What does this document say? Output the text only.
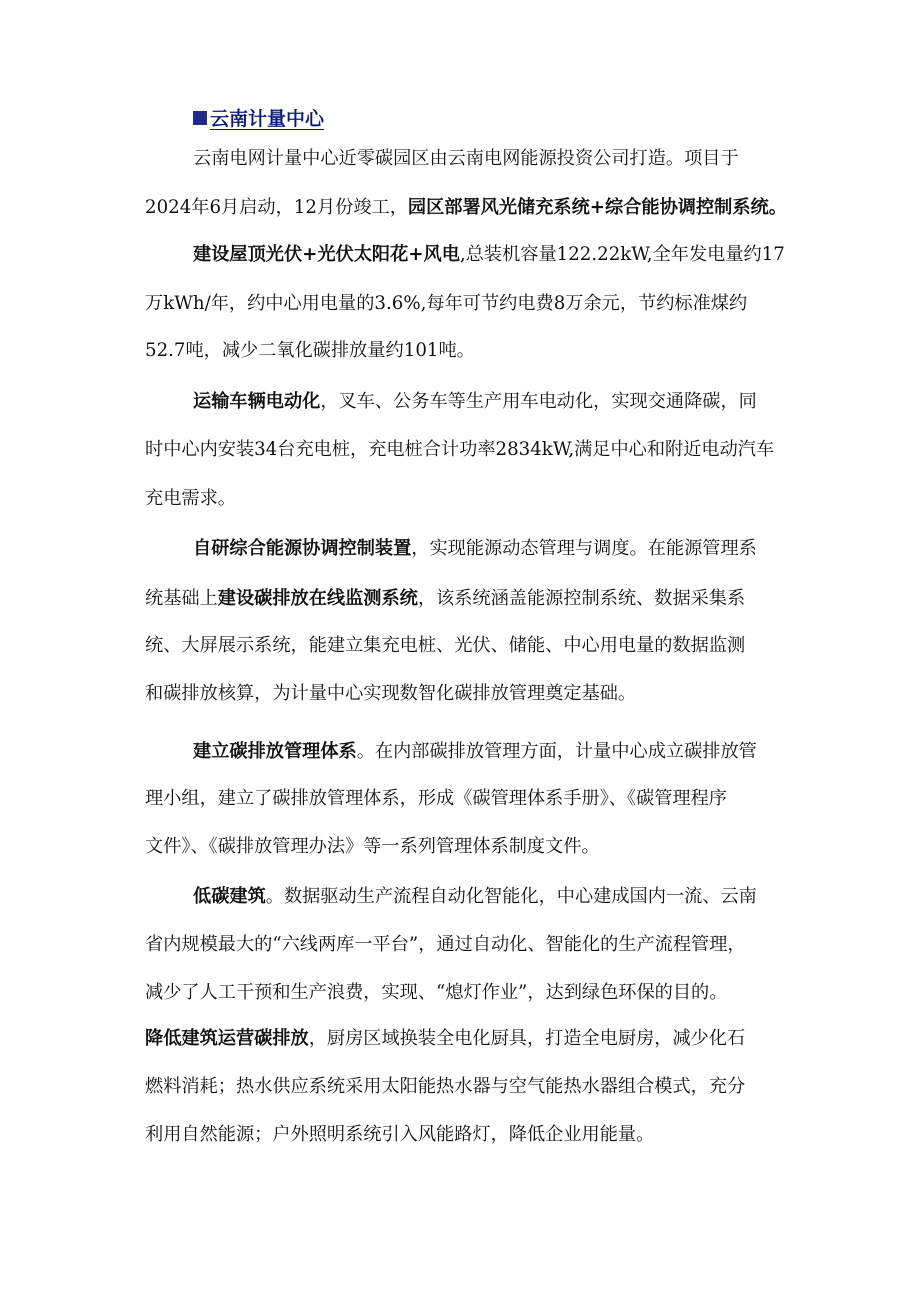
云南计量中心
云南电网计量中心近零碳园区由云南电网能源投资公司打造。项目于
2024年6月启动，12月份竣工，园区部署风光储充系统+综合能协调控制系统。
建设屋顶光伏+光伏太阳花+风电,总装机容量122.22kW,全年发电量约17
万kWh/年，约中心用电量的3.6%,每年可节约电费8万余元，节约标准煤约
52.7吨，减少二氧化碳排放量约101吨。
运输车辆电动化，叉车、公务车等生产用车电动化，实现交通降碳，同
时中心内安装34台充电桩，充电桩合计功率2834kW,满足中心和附近电动汽车
充电需求。
自研综合能源协调控制装置，实现能源动态管理与调度。在能源管理系
统基础上建设碳排放在线监测系统，该系统涵盖能源控制系统、数据采集系
统、大屏展示系统，能建立集充电桩、光伏、储能、中心用电量的数据监测
和碳排放核算，为计量中心实现数智化碳排放管理奠定基础。
建立碳排放管理体系。在内部碳排放管理方面，计量中心成立碳排放管
理小组，建立了碳排放管理体系，形成《碳管理体系手册》、《碳管理程序
文件》、《碳排放管理办法》等一系列管理体系制度文件。
低碳建筑。数据驱动生产流程自动化智能化，中心建成国内一流、云南
省内规模最大的“六线两库一平台”，通过自动化、智能化的生产流程管理，
减少了人工干预和生产浪费，实现、“熄灯作业”，达到绿色环保的目的。
降低建筑运营碳排放，厨房区域换装全电化厨具，打造全电厨房，减少化石
燃料消耗；热水供应系统采用太阳能热水器与空气能热水器组合模式，充分
利用自然能源；户外照明系统引入风能路灯，降低企业用能量。
